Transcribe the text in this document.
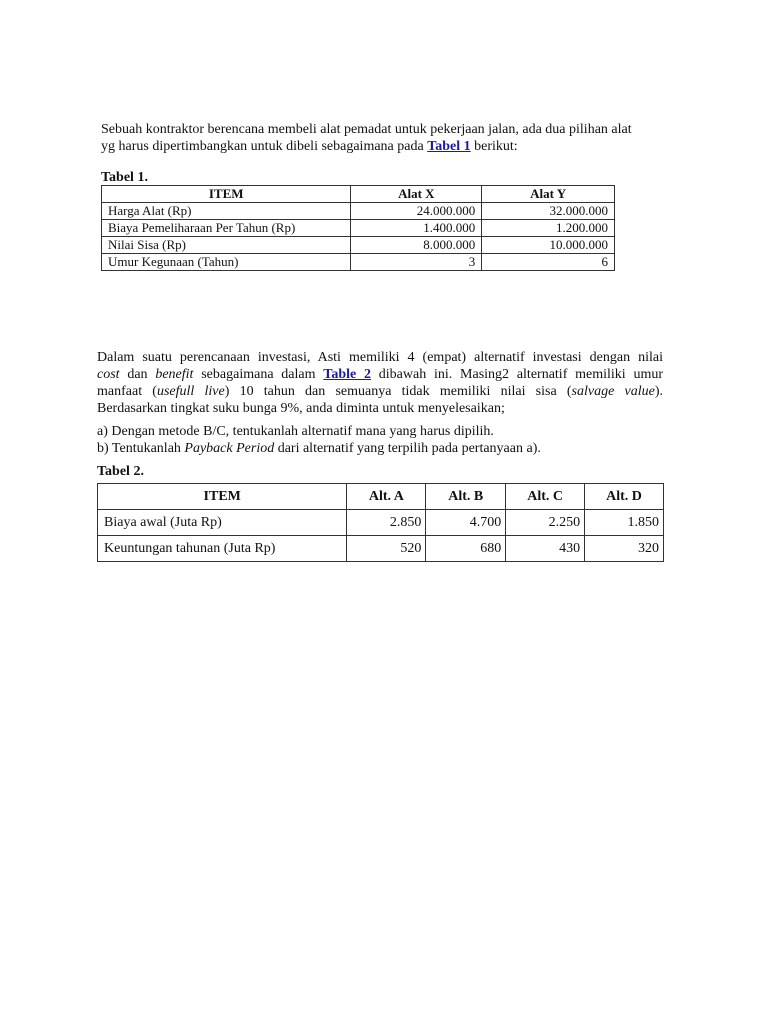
Sebuah kontraktor berencana membeli alat pemadat untuk pekerjaan jalan, ada dua pilihan alat
yg harus dipertimbangkan untuk dibeli sebagaimana pada Tabel 1 berikut:

Tabel 1.

ITEM	Alat X	Alat Y
Harga Alat (Rp)	24.000.000	32.000.000
Biaya Pemeliharaan Per Tahun (Rp)	1.400.000	1.200.000
Nilai Sisa (Rp)	8.000.000	10.000.000
Umur Kegunaan (Tahun)	3	6
Dalam suatu perencanaan investasi, Asti memiliki 4 (empat) alternatif investasi dengan nilai
cost dan benefit sebagaimana dalam Table 2 dibawah ini. Masing2 alternatif memiliki umur
manfaat (usefull live) 10 tahun dan semuanya tidak memiliki nilai sisa (salvage value).
Berdasarkan tingkat suku bunga 9%, anda diminta untuk menyelesaikan;
a) Dengan metode B/C, tentukanlah alternatif mana yang harus dipilih.
b) Tentukanlah Payback Period dari alternatif yang terpilih pada pertanyaan a).

Tabel 2.

ITEM	Alt. A	Alt. B	Alt. C	Alt. D
Biaya awal (Juta Rp)	2.850	4.700	2.250	1.850
Keuntungan tahunan (Juta Rp)	520	680	430	320
